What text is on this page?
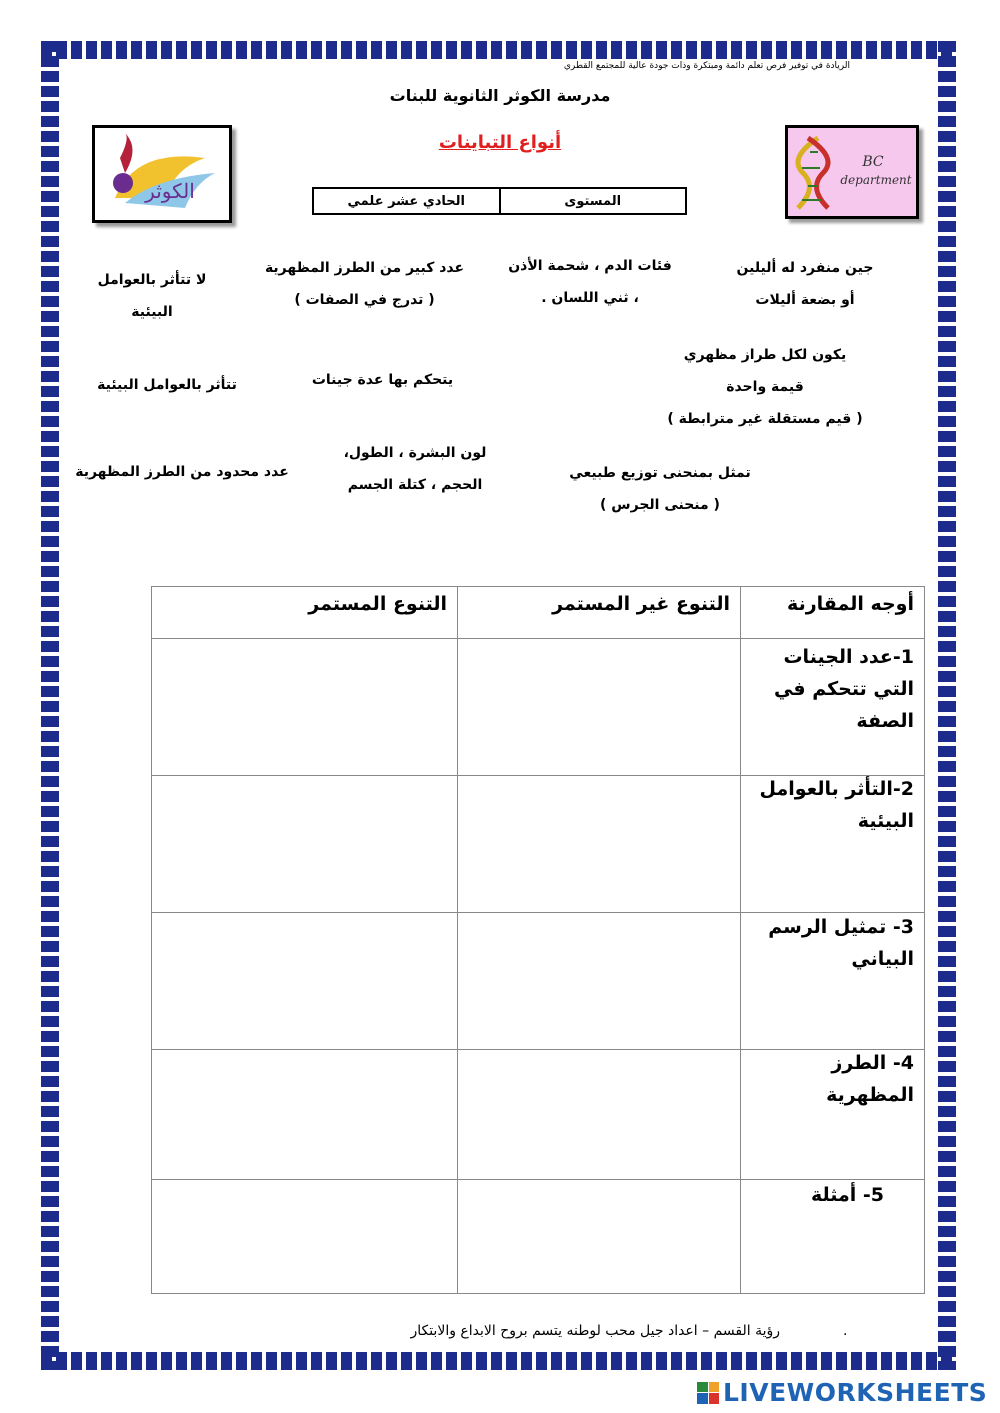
الريادة في توفير فرص تعلم دائمة ومبتكرة وذات جودة عالية للمجتمع القطري
مدرسة الكوثر الثانوية للبنات
أنواع التباينات
الحادي عشر علمي	المستوى
الكوثر
BC
department
جين منفرد له أليلين
أو بضعة أليلات
فئات الدم ، شحمة الأذن
، ثني اللسان .
عدد كبير من الطرز المظهرية
( تدرج في الصفات )
لا تتأثر بالعوامل
البيئية
يكون لكل طراز مظهري
قيمة واحدة
( قيم مستقلة غير مترابطة )
يتحكم بها عدة جينات
تتأثر بالعوامل البيئية
تمثل بمنحنى توزيع طبيعي
( منحنى الجرس )
لون البشرة ، الطول،
الحجم ، كتلة الجسم
عدد محدود من الطرز المظهرية
أوجه المقارنة
التنوع غير المستمر
التنوع المستمر
1-عدد الجينات
التي تتحكم في
الصفة
2-التأثر بالعوامل
البيئية
3- تمثيل الرسم
البياني
4- الطرز
المظهرية
5- أمثلة
رؤية القسم – اعداد جيل محب لوطنه يتسم بروح الابداع والابتكار	.
LIVEWORKSHEETS
